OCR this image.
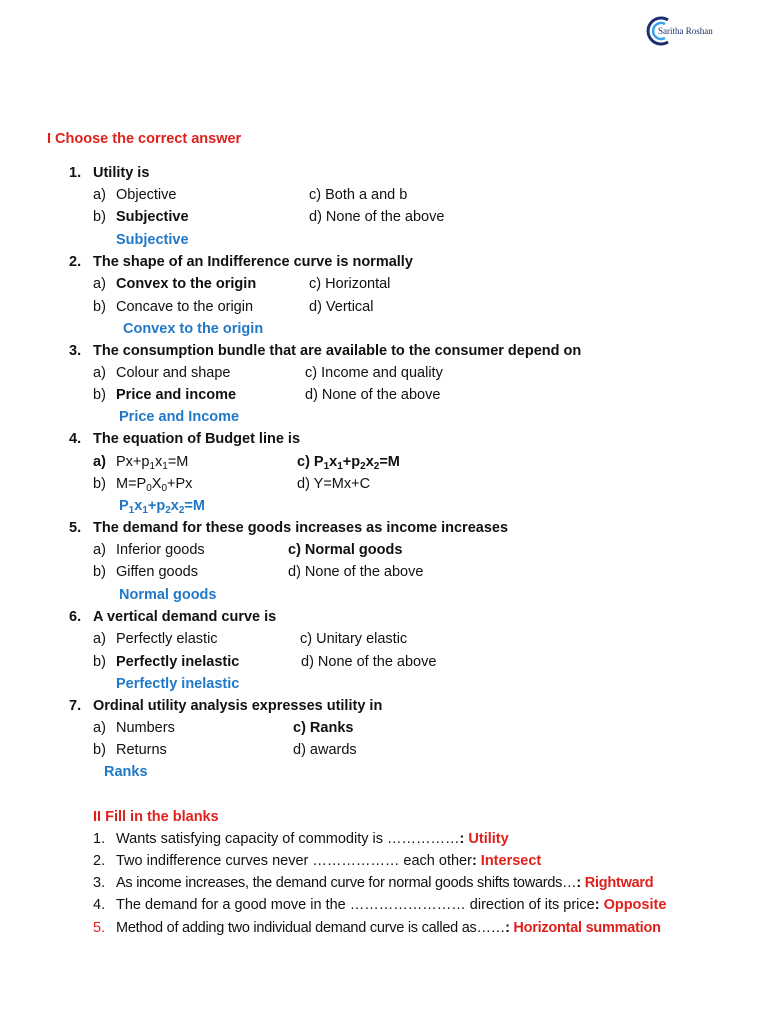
Saritha Roshan
I Choose the correct answer
1. Utility is
a) Objective	c) Both a and b
b) Subjective	d) None of the above
Subjective
2. The shape of an Indifference curve is normally
a) Convex to the origin	c) Horizontal
b) Concave to the origin	d) Vertical
Convex to the origin
3. The consumption bundle that are available to the consumer depend on
a) Colour and shape	c) Income and quality
b) Price and income	d) None of the above
Price and Income
4. The equation of Budget line is
a) $Px+p_1x_1=M$	c) $P_1x_1+p_2x_2=M$
b) $M=P_0X_0+Px$	d) Y=Mx+C
$P_1x_1+p_2x_2=M$
5. The demand for these goods increases as income increases
a) Inferior goods	c) Normal goods
b) Giffen goods	d) None of the above
Normal goods
6. A vertical demand curve is
a) Perfectly elastic	c) Unitary elastic
b) Perfectly inelastic	d) None of the above
Perfectly inelastic
7. Ordinal utility analysis expresses utility in
a) Numbers	c) Ranks
b) Returns	d) awards
Ranks
II Fill in the blanks
1. Wants satisfying capacity of commodity is ……………: Utility
2. Two indifference curves never ……………… each other: Intersect
3. As income increases, the demand curve for normal goods shifts towards…: Rightward
4. The demand for a good move in the …………………… direction of its price: Opposite
5. Method of adding two individual demand curve is called as……: Horizontal summation
